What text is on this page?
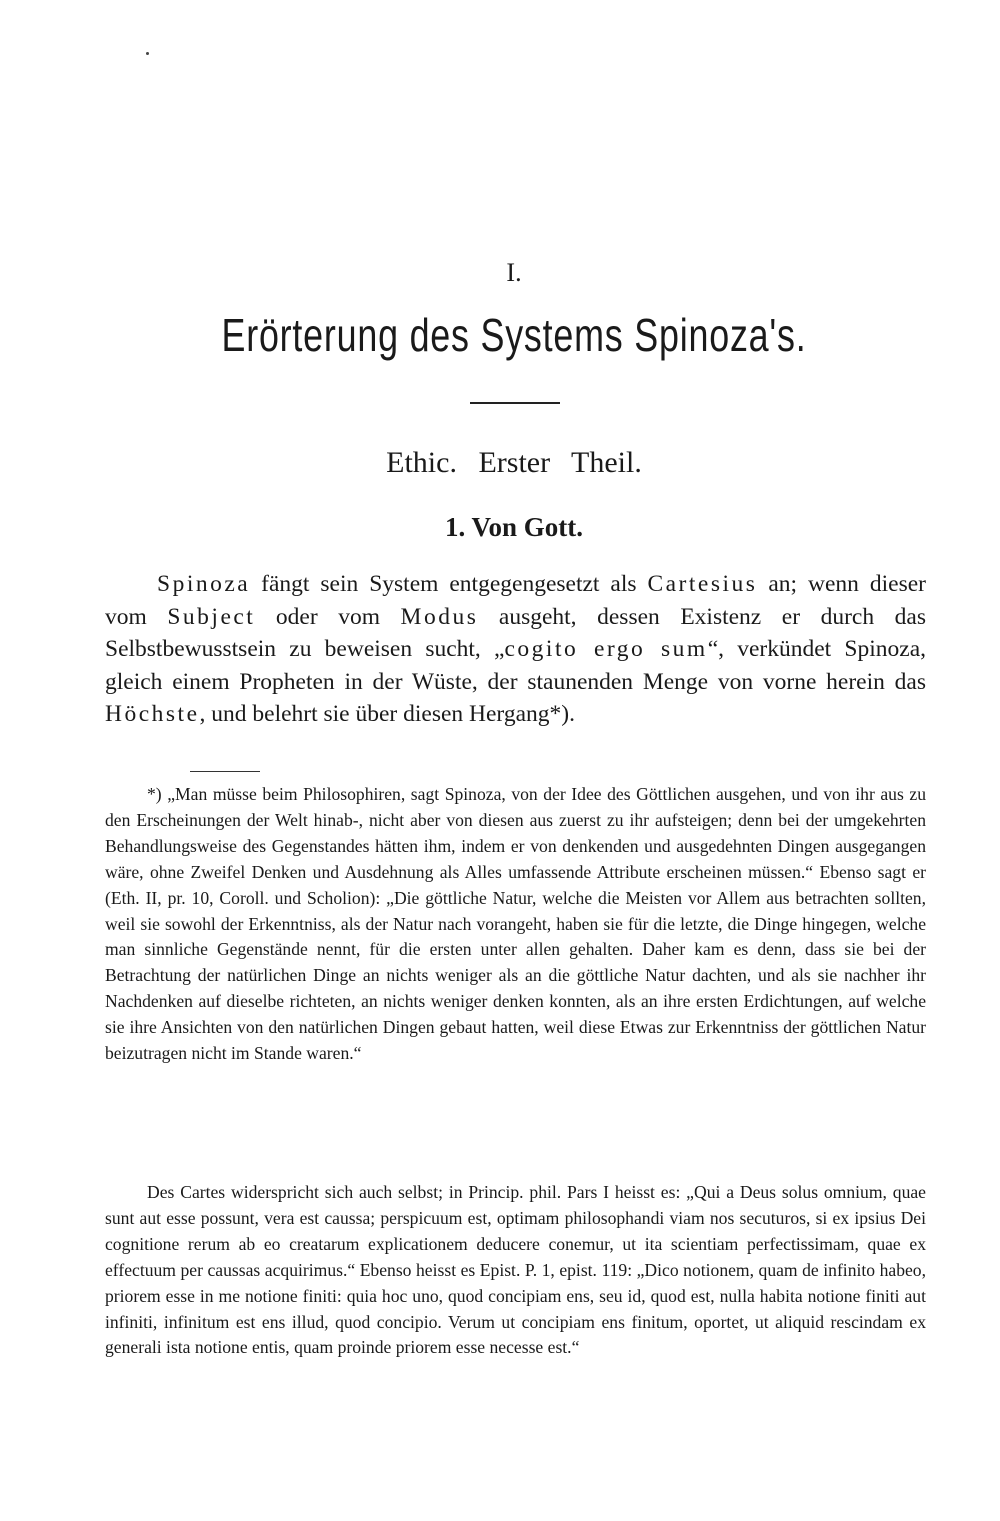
I.
Erörterung des Systems Spinoza's.
Ethic. Erster Theil.
1. Von Gott.

Spinoza fängt sein System entgegengesetzt als Cartesius an; wenn dieser vom Subject oder vom Modus ausgeht, dessen Existenz er durch das Selbstbewusstsein zu beweisen sucht, „cogito ergo sum“, verkündet Spinoza, gleich einem Propheten in der Wüste, der staunenden Menge von vorne herein das Höchste, und belehrt sie über diesen Hergang*).

*) „Man müsse beim Philosophiren, sagt Spinoza, von der Idee des Göttlichen ausgehen, und von ihr aus zu den Erscheinungen der Welt hinab-, nicht aber von diesen aus zuerst zu ihr aufsteigen; denn bei der umgekehrten Behandlungsweise des Gegenstandes hätten ihm, indem er von denkenden und ausgedehnten Dingen ausgegangen wäre, ohne Zweifel Denken und Ausdehnung als Alles umfassende Attribute erscheinen müssen.“ Ebenso sagt er (Eth. II, pr. 10, Coroll. und Scholion): „Die göttliche Natur, welche die Meisten vor Allem aus betrachten sollten, weil sie sowohl der Erkenntniss, als der Natur nach vorangeht, haben sie für die letzte, die Dinge hingegen, welche man sinnliche Gegenstände nennt, für die ersten unter allen gehalten. Daher kam es denn, dass sie bei der Betrachtung der natürlichen Dinge an nichts weniger als an die göttliche Natur dachten, und als sie nachher ihr Nachdenken auf dieselbe richteten, an nichts weniger denken konnten, als an ihre ersten Erdichtungen, auf welche sie ihre Ansichten von den natürlichen Dingen gebaut hatten, weil diese Etwas zur Erkenntniss der göttlichen Natur beizutragen nicht im Stande waren.“

Des Cartes widerspricht sich auch selbst; in Princip. phil. Pars I heisst es: „Qui a Deus solus omnium, quae sunt aut esse possunt, vera est caussa; perspicuum est, optimam philosophandi viam nos secuturos, si ex ipsius Dei cognitione rerum ab eo creatarum explicationem deducere conemur, ut ita scientiam perfectissimam, quae ex effectuum per caussas acquirimus.“ Ebenso heisst es Epist. P. 1, epist. 119: „Dico notionem, quam de infinito habeo, priorem esse in me notione finiti: quia hoc uno, quod concipiam ens, seu id, quod est, nulla habita notione finiti aut infiniti, infinitum est ens illud, quod concipio. Verum ut concipiam ens finitum, oportet, ut aliquid rescindam ex generali ista notione entis, quam proinde priorem esse necesse est.“
